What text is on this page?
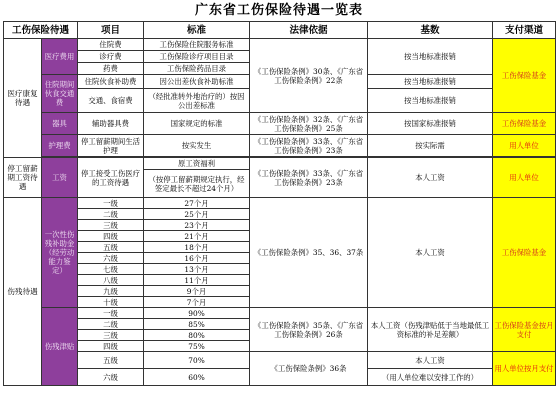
广东省工伤保险待遇一览表
工伤保险待遇		项目	标准	法律依据	基数	支付渠道
医疗康复待遇	医疗费用	住院费	工伤保险住院服务标准	《工伤保险条例》30条、《广东省工伤保险条例》22条	按当地标准报销	工伤保险基金
		诊疗费	工伤保险诊疗项目目录			
		药费	工伤保险药品目录			
	住院期间伙食交通费	住院伙食补助费	因公出差伙食补助标准		按当地标准报销	
		交通、食宿费	（经批准转外地治疗的）按因公出差标准		按当地标准报销	
	器具	辅助器具费	国家规定的标准	《工伤保险条例》32条、《广东省工伤保险条例》25条	按国家标准报销	工伤保险基金
	护理费	停工留薪期间生活护理	按实发生	《工伤保险条例》33条、《广东省工伤保险条例》23条	按实际需	用人单位

停工留薪期工资待遇	工资	停工接受工伤医疗的工资待遇	原工资福利	《工伤保险条例》33条、《广东省工伤保险条例》23条	本人工资	用人单位
			（按停工留薪期规定执行，经签定最长不超过24个月）			
伤残待遇	一次性伤残补助金（经劳动能力鉴定）	一级	27个月	《工伤保险条例》35、36、37条	本人工资	工伤保险基金
		二级	25个月			
		三级	23个月			
		四级	21个月			
		五级	18个月			
		六级	16个月			
		七级	13个月			
		八级	11个月			
		九级	9个月			
		十级	7个月			
	伤残津贴	一级	90%	《工伤保险条例》35条、《广东省工伤保险条例》26条	本人工资（伤残津贴低于当地最低工资标准的补足差额）	工伤保险基金按月支付
		二级	85%			
		三级	80%			
		四级	75%			
		五级	70%	《工伤保险条例》36条	本人工资	用人单位按月支付
		六级	60%		（用人单位难以安排工作的）	
